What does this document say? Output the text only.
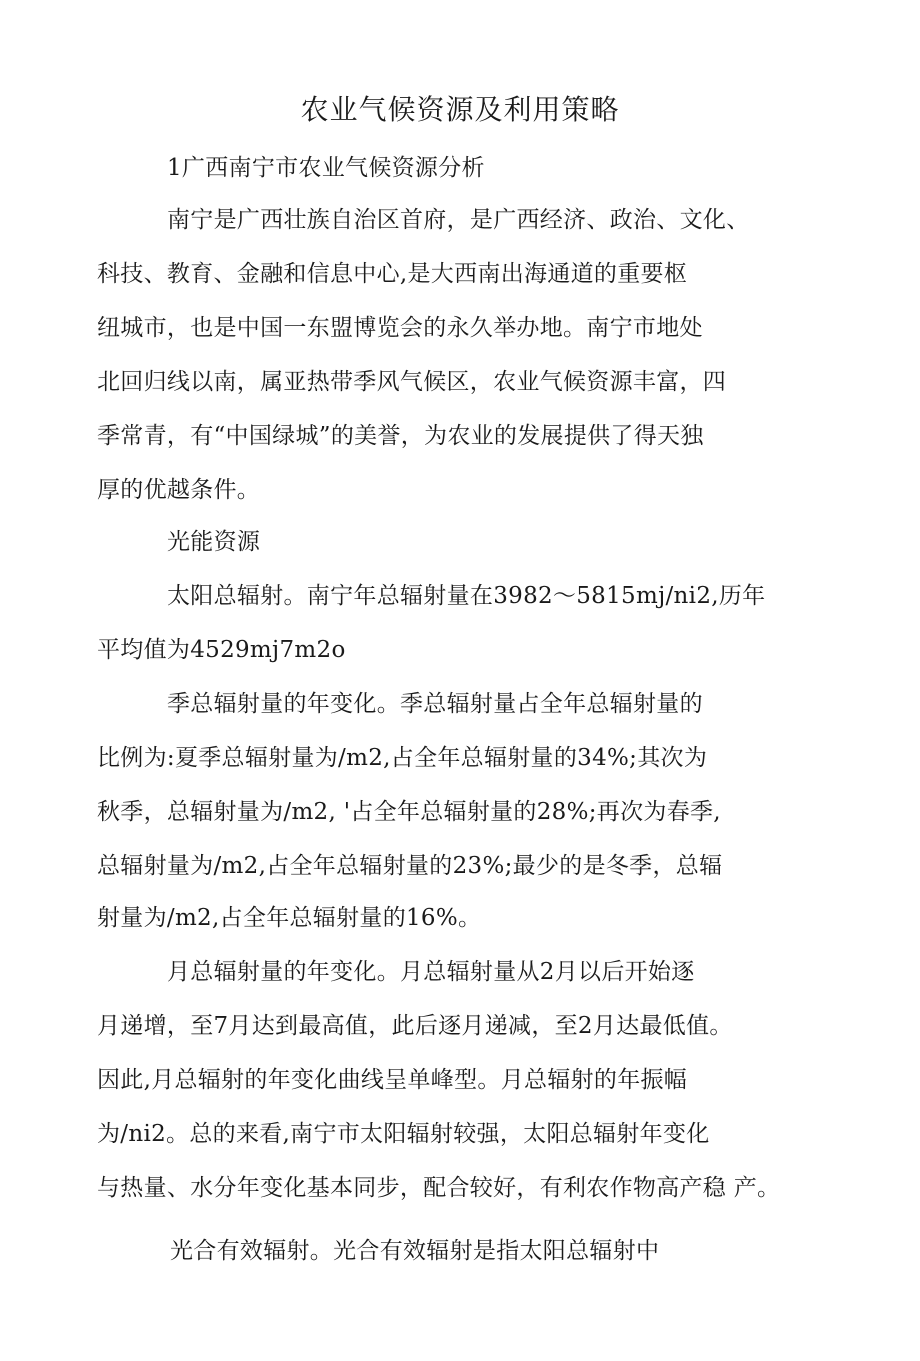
农业气候资源及利用策略
1广西南宁市农业气候资源分析
南宁是广西壮族自治区首府，是广西经济、政治、文化、
科技、教育、金融和信息中心,是大西南出海通道的重要枢
纽城市，也是中国一东盟博览会的永久举办地。南宁市地处
北回归线以南，属亚热带季风气候区，农业气候资源丰富，四
季常青，有“中国绿城”的美誉，为农业的发展提供了得天独
厚的优越条件。
光能资源
太阳总辐射。南宁年总辐射量在3982～5815mj/ni2,历年
平均值为4529mj7m2o
季总辐射量的年变化。季总辐射量占全年总辐射量的
比例为:夏季总辐射量为/m2,占全年总辐射量的34%;其次为
秋季，总辐射量为/m2, '占全年总辐射量的28%;再次为春季,
总辐射量为/m2,占全年总辐射量的23%;最少的是冬季，总辐
射量为/m2,占全年总辐射量的16%。
月总辐射量的年变化。月总辐射量从2月以后开始逐
月递增，至7月达到最高值，此后逐月递减，至2月达最低值。
因此,月总辐射的年变化曲线呈单峰型。月总辐射的年振幅
为/ni2。总的来看,南宁市太阳辐射较强，太阳总辐射年变化
与热量、水分年变化基本同步，配合较好，有利农作物高产稳 产。
光合有效辐射。光合有效辐射是指太阳总辐射中
